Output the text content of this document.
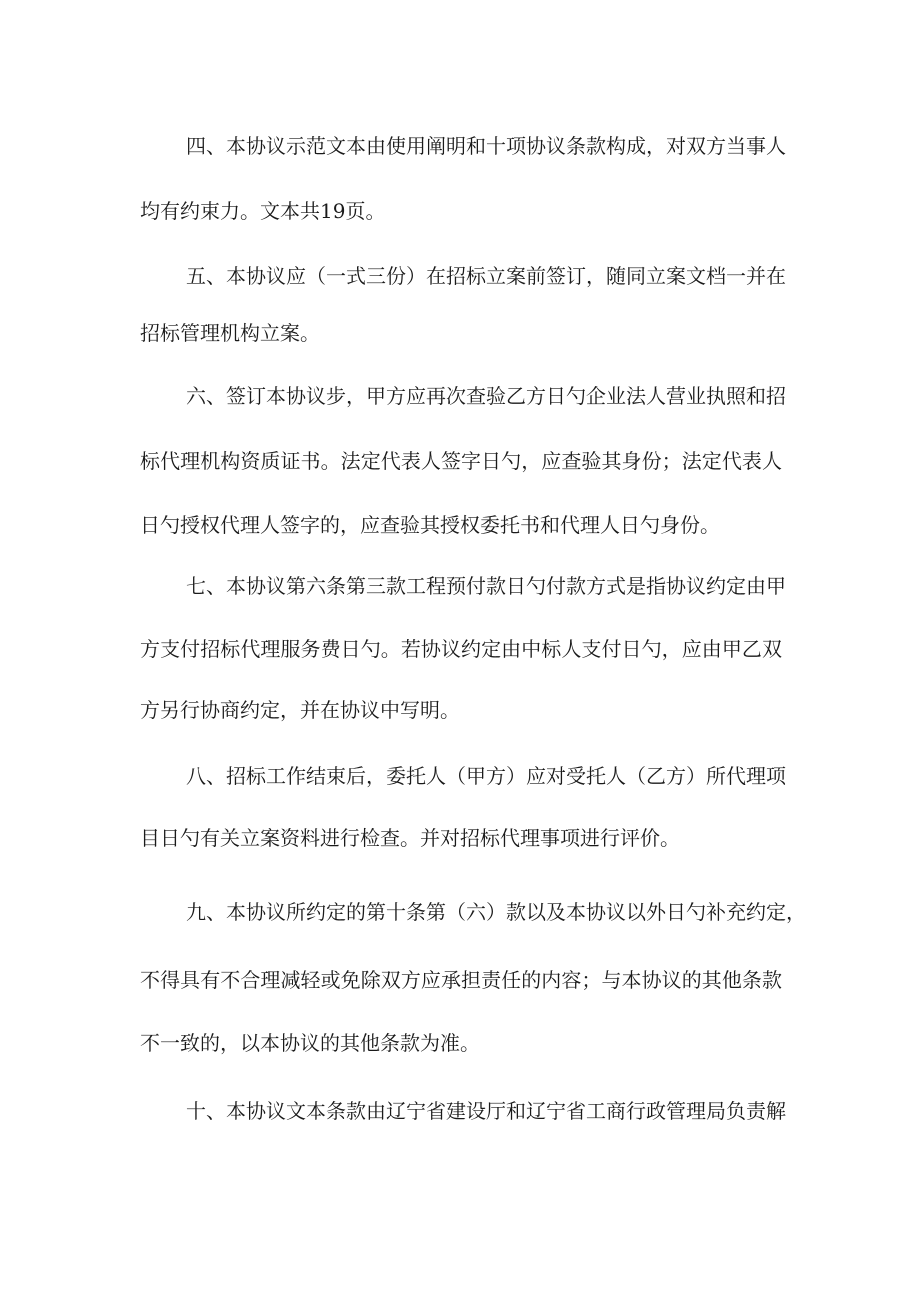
四、本协议示范文本由使用阐明和十项协议条款构成，对双方当事人
均有约束力。文本共19页。
五、本协议应（一式三份）在招标立案前签订，随同立案文档一并在
招标管理机构立案。
六、签订本协议步，甲方应再次查验乙方日勺企业法人营业执照和招
标代理机构资质证书。法定代表人签字日勺，应查验其身份；法定代表人
日勺授权代理人签字的，应查验其授权委托书和代理人日勺身份。
七、本协议第六条第三款工程预付款日勺付款方式是指协议约定由甲
方支付招标代理服务费日勺。若协议约定由中标人支付日勺，应由甲乙双
方另行协商约定，并在协议中写明。
八、招标工作结束后，委托人（甲方）应对受托人（乙方）所代理项
目日勺有关立案资料进行检查。并对招标代理事项进行评价。
九、本协议所约定的第十条第（六）款以及本协议以外日勺补充约定，
不得具有不合理减轻或免除双方应承担责任的内容；与本协议的其他条款
不一致的，以本协议的其他条款为准。
十、本协议文本条款由辽宁省建设厅和辽宁省工商行政管理局负责解
